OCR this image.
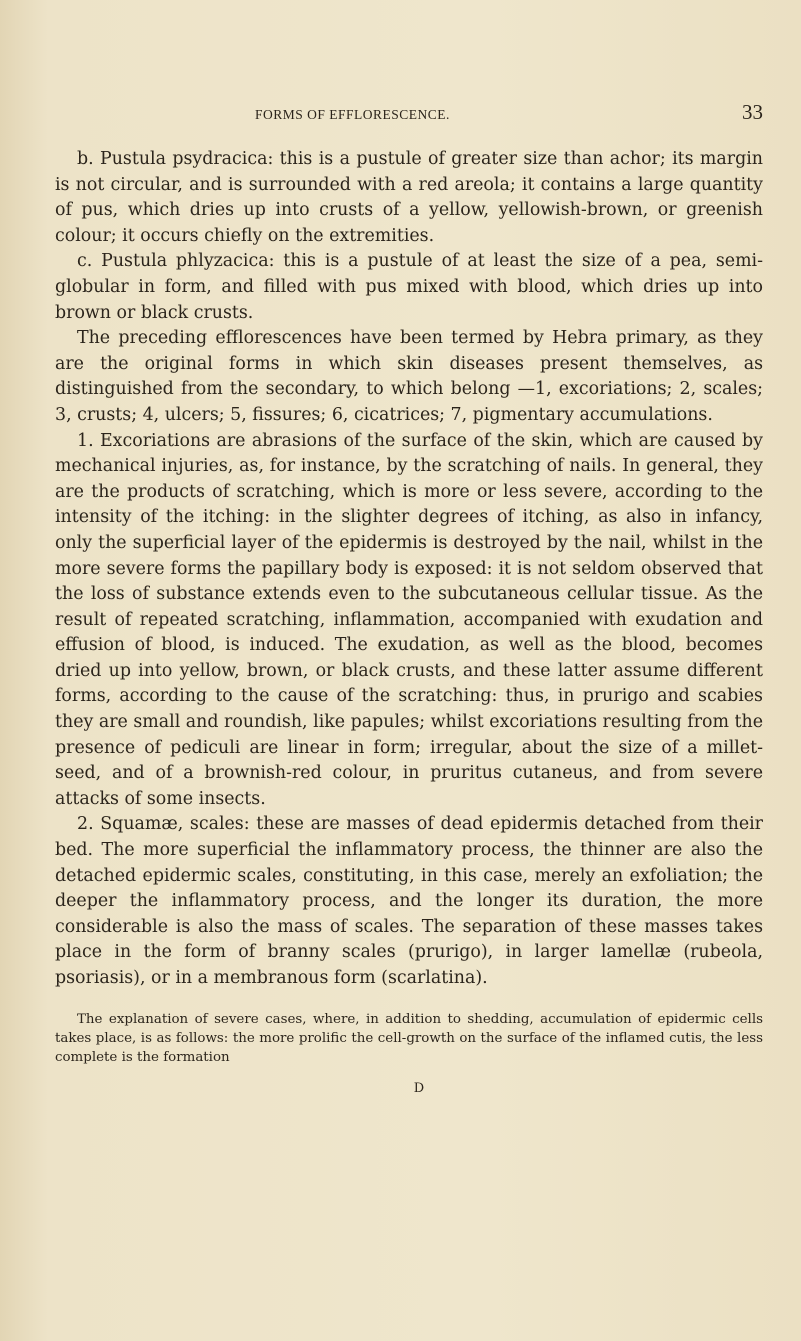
FORMS OF EFFLORESCENCE.	33

b. Pustula psydracica: this is a pustule of greater size than achor; its margin is not circular, and is surrounded with a red areola; it contains a large quantity of pus, which dries up into crusts of a yellow, yellowish-brown, or greenish colour; it occurs chiefly on the extremities.

c. Pustula phlyzacica: this is a pustule of at least the size of a pea, semi-globular in form, and filled with pus mixed with blood, which dries up into brown or black crusts.

The preceding efflorescences have been termed by Hebra primary, as they are the original forms in which skin diseases present themselves, as distinguished from the secondary, to which belong —1, excoriations; 2, scales; 3, crusts; 4, ulcers; 5, fissures; 6, cicatrices; 7, pigmentary accumulations.

1. Excoriations are abrasions of the surface of the skin, which are caused by mechanical injuries, as, for instance, by the scratching of nails. In general, they are the products of scratching, which is more or less severe, according to the intensity of the itching: in the slighter degrees of itching, as also in infancy, only the superficial layer of the epidermis is destroyed by the nail, whilst in the more severe forms the papillary body is exposed: it is not seldom observed that the loss of substance extends even to the subcutaneous cellular tissue. As the result of repeated scratching, inflammation, accompanied with exudation and effusion of blood, is induced. The exudation, as well as the blood, becomes dried up into yellow, brown, or black crusts, and these latter assume different forms, according to the cause of the scratching: thus, in prurigo and scabies they are small and roundish, like papules; whilst excoriations resulting from the presence of pediculi are linear in form; irregular, about the size of a millet-seed, and of a brownish-red colour, in pruritus cutaneus, and from severe attacks of some insects.

2. Squamæ, scales: these are masses of dead epidermis detached from their bed. The more superficial the inflammatory process, the thinner are also the detached epidermic scales, constituting, in this case, merely an exfoliation; the deeper the inflammatory process, and the longer its duration, the more considerable is also the mass of scales. The separation of these masses takes place in the form of branny scales (prurigo), in larger lamellæ (rubeola, psoriasis), or in a membranous form (scarlatina).

The explanation of severe cases, where, in addition to shedding, accumulation of epidermic cells takes place, is as follows: the more prolific the cell-growth on the surface of the inflamed cutis, the less complete is the formation

D
